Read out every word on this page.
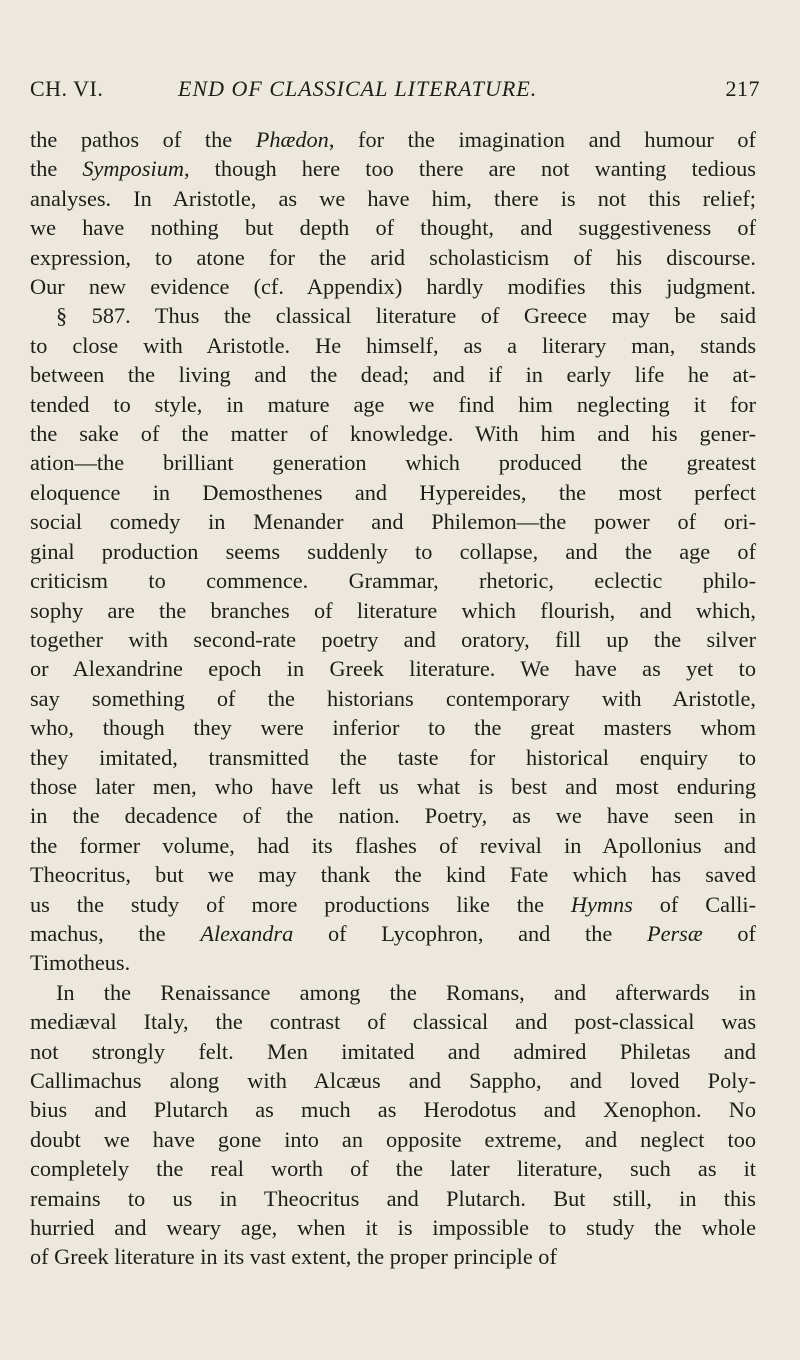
CH. VI.	END OF CLASSICAL LITERATURE.	217
the pathos of the Phædon, for the imagination and humour of
the Symposium, though here too there are not wanting tedious
analyses. In Aristotle, as we have him, there is not this relief;
we have nothing but depth of thought, and suggestiveness of
expression, to atone for the arid scholasticism of his discourse.
Our new evidence (cf. Appendix) hardly modifies this judgment.
§ 587. Thus the classical literature of Greece may be said
to close with Aristotle. He himself, as a literary man, stands
between the living and the dead; and if in early life he at-
tended to style, in mature age we find him neglecting it for
the sake of the matter of knowledge. With him and his gener-
ation—the brilliant generation which produced the greatest
eloquence in Demosthenes and Hypereides, the most perfect
social comedy in Menander and Philemon—the power of ori-
ginal production seems suddenly to collapse, and the age of
criticism to commence. Grammar, rhetoric, eclectic philo-
sophy are the branches of literature which flourish, and which,
together with second-rate poetry and oratory, fill up the silver
or Alexandrine epoch in Greek literature. We have as yet to
say something of the historians contemporary with Aristotle,
who, though they were inferior to the great masters whom
they imitated, transmitted the taste for historical enquiry to
those later men, who have left us what is best and most enduring
in the decadence of the nation. Poetry, as we have seen in
the former volume, had its flashes of revival in Apollonius and
Theocritus, but we may thank the kind Fate which has saved
us the study of more productions like the Hymns of Calli-
machus, the Alexandra of Lycophron, and the Persæ of
Timotheus.
In the Renaissance among the Romans, and afterwards in
mediæval Italy, the contrast of classical and post-classical was
not strongly felt. Men imitated and admired Philetas and
Callimachus along with Alcæus and Sappho, and loved Poly-
bius and Plutarch as much as Herodotus and Xenophon. No
doubt we have gone into an opposite extreme, and neglect too
completely the real worth of the later literature, such as it
remains to us in Theocritus and Plutarch. But still, in this
hurried and weary age, when it is impossible to study the whole
of Greek literature in its vast extent, the proper principle of
